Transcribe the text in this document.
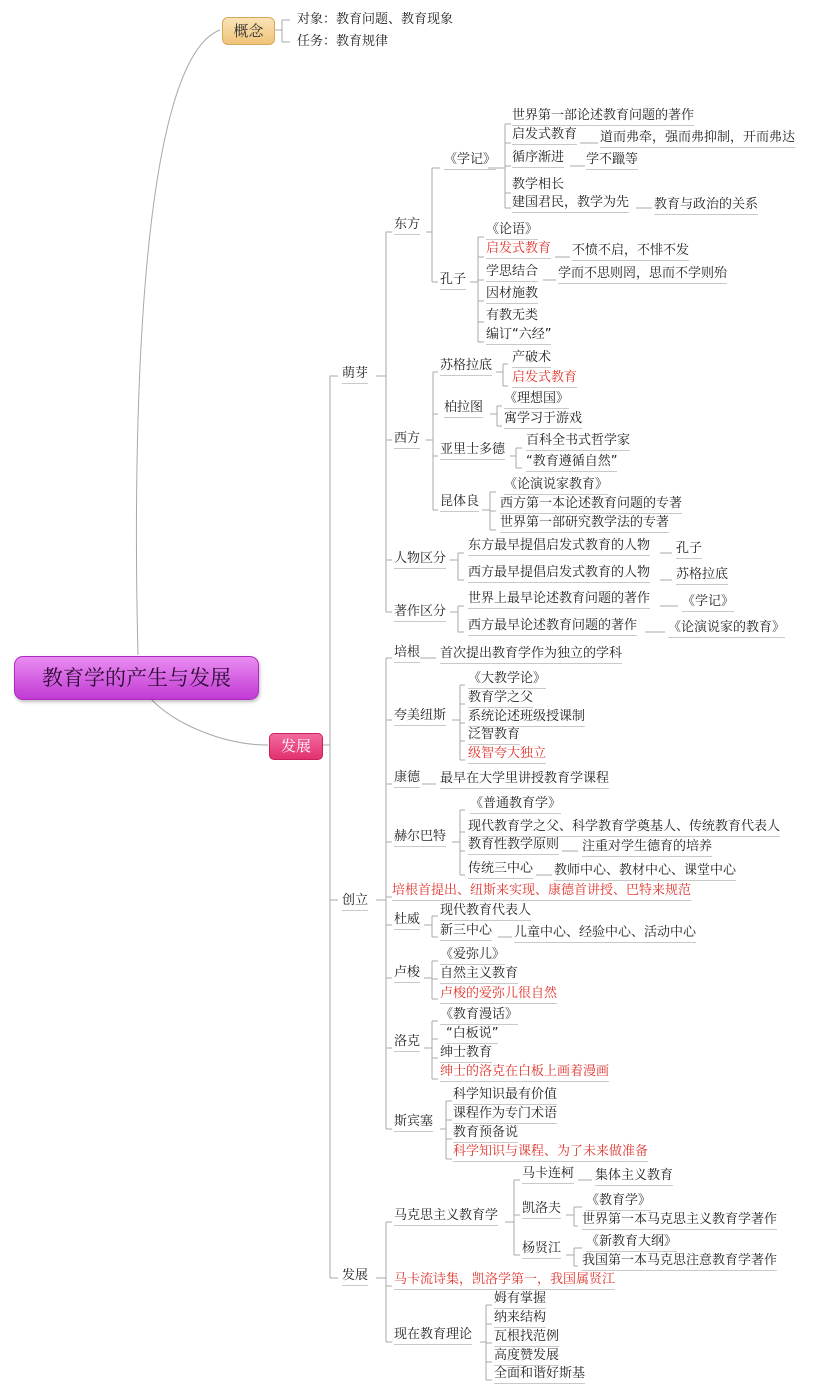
教育学的产生与发展
概念
发展
对象：教育问题、教育现象
任务：教育规律
萌芽
创立
发展
东方
《学记》
世界第一部论述教育问题的著作
启发式教育 道而弗牵，强而弗抑制，开而弗达
循序渐进 学不躐等
教学相长
建国君民，教学为先 教育与政治的关系
孔子
《论语》
启发式教育 不愤不启，不悱不发
学思结合 学而不思则罔，思而不学则殆
因材施教
有教无类
编订“六经”
西方
苏格拉底
产破术
启发式教育
柏拉图
《理想国》
寓学习于游戏
亚里士多德
百科全书式哲学家
“教育遵循自然”
昆体良
《论演说家教育》
西方第一本论述教育问题的专著
世界第一部研究教学法的专著
人物区分
东方最早提倡启发式教育的人物 孔子
西方最早提倡启发式教育的人物 苏格拉底
著作区分
世界上最早论述教育问题的著作 《学记》
西方最早论述教育问题的著作 《论演说家的教育》
培根 首次提出教育学作为独立的学科
夸美纽斯
《大教学论》
教育学之父
系统论述班级授课制
泛智教育
级智夸大独立
康德 最早在大学里讲授教育学课程
赫尔巴特
《普通教育学》
现代教育学之父、科学教育学奠基人、传统教育代表人
教育性教学原则 注重对学生德育的培养
传统三中心 教师中心、教材中心、课堂中心
培根首提出、纽斯来实现、康德首讲授、巴特来规范
杜威
现代教育代表人
新三中心 儿童中心、经验中心、活动中心
卢梭
《爱弥儿》
自然主义教育
卢梭的爱弥儿很自然
洛克
《教育漫话》
“白板说”
绅士教育
绅士的洛克在白板上画着漫画
斯宾塞
科学知识最有价值
课程作为专门术语
教育预备说
科学知识与课程、为了未来做准备
马克思主义教育学
马卡连柯 集体主义教育
凯洛夫
《教育学》
世界第一本马克思主义教育学著作
杨贤江 《新教育大纲》
我国第一本马克思注意教育学著作
马卡流诗集，凯洛学第一，我国属贤江
现在教育理论
姆有掌握
纳来结构
瓦根找范例
高度赞发展
全面和谐好斯基
